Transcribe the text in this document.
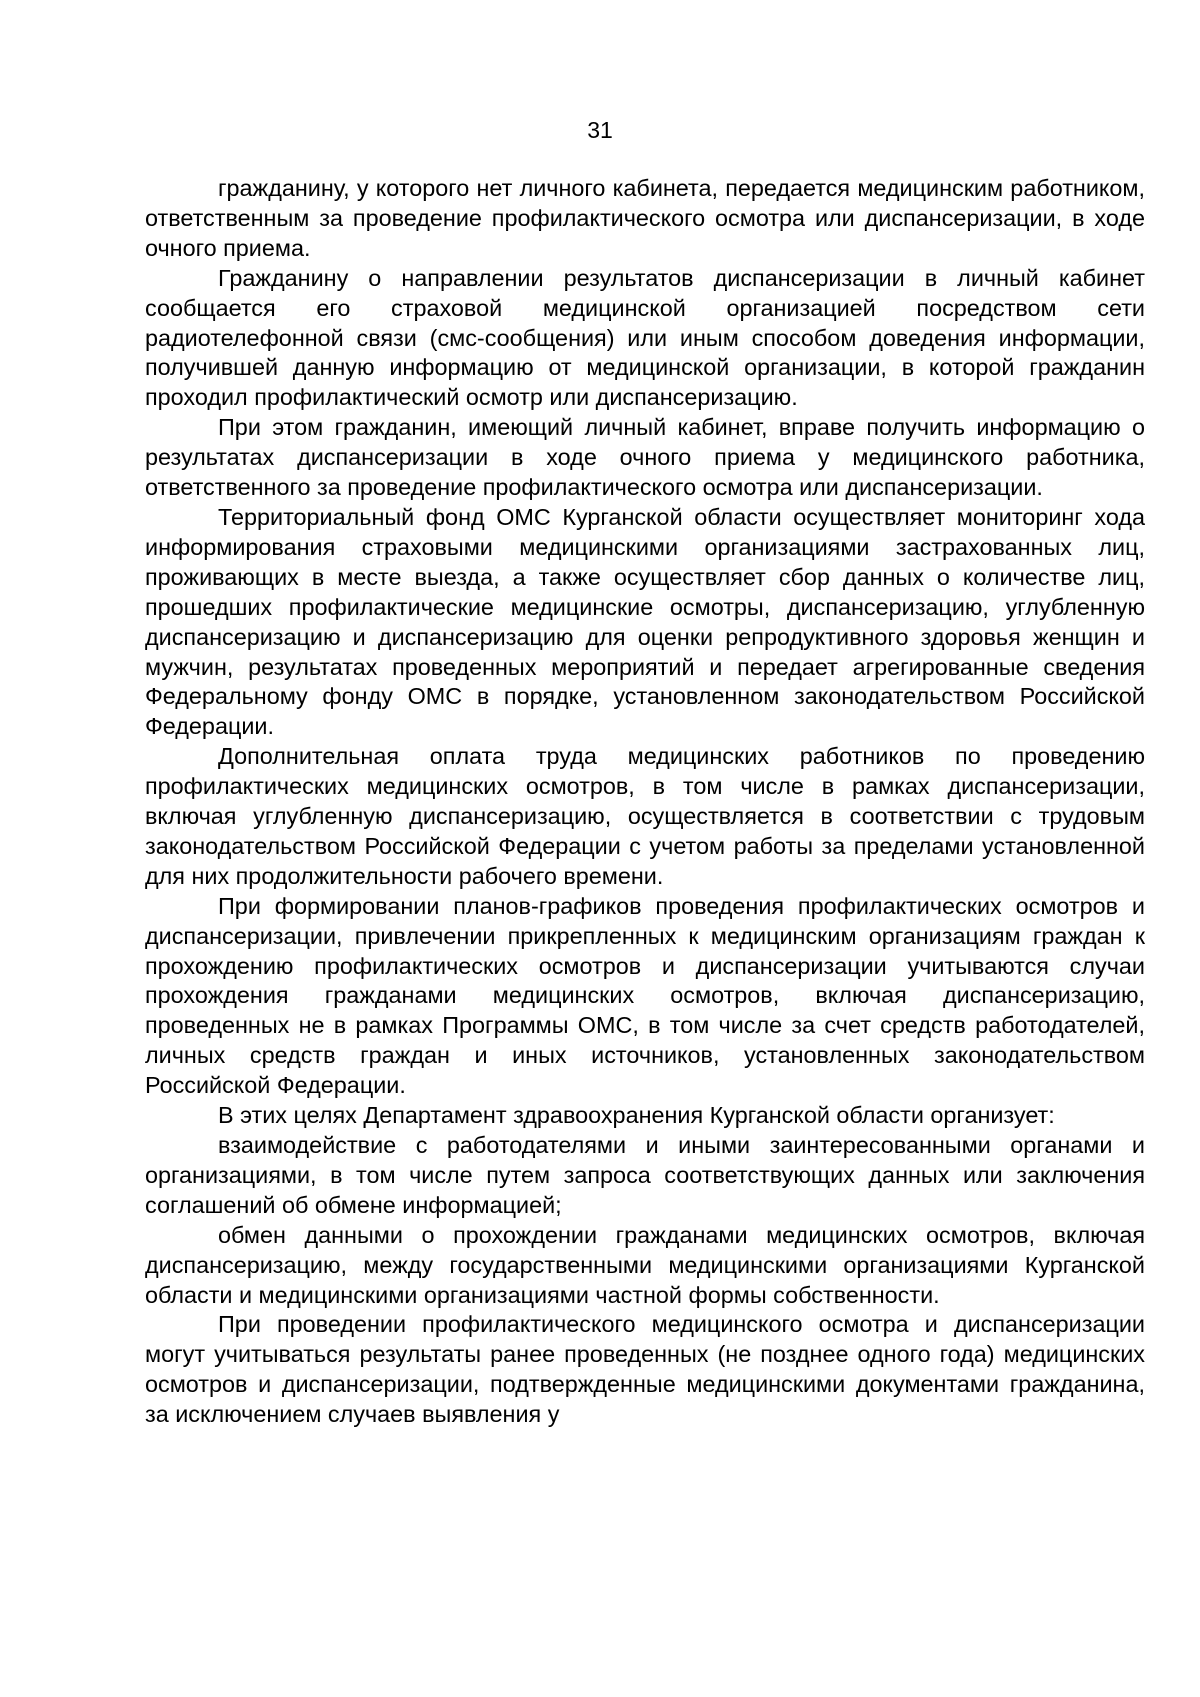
31

гражданину, у которого нет личного кабинета, передается медицинским работником, ответственным за проведение профилактического осмотра или диспансеризации, в ходе очного приема.

Гражданину о направлении результатов диспансеризации в личный кабинет сообщается его страховой медицинской организацией посредством сети радиотелефонной связи (смс-сообщения) или иным способом доведения информации, получившей данную информацию от медицинской организации, в которой гражданин проходил профилактический осмотр или диспансеризацию.

При этом гражданин, имеющий личный кабинет, вправе получить информацию о результатах диспансеризации в ходе очного приема у медицинского работника, ответственного за проведение профилактического осмотра или диспансеризации.

Территориальный фонд ОМС Курганской области осуществляет мониторинг хода информирования страховыми медицинскими организациями застрахованных лиц, проживающих в месте выезда, а также осуществляет сбор данных о количестве лиц, прошедших профилактические медицинские осмотры, диспансеризацию, углубленную диспансеризацию и диспансеризацию для оценки репродуктивного здоровья женщин и мужчин, результатах проведенных мероприятий и передает агрегированные сведения Федеральному фонду ОМС в порядке, установленном законодательством Российской Федерации.

Дополнительная оплата труда медицинских работников по проведению профилактических медицинских осмотров, в том числе в рамках диспансеризации, включая углубленную диспансеризацию, осуществляется в соответствии с трудовым законодательством Российской Федерации с учетом работы за пределами установленной для них продолжительности рабочего времени.

При формировании планов-графиков проведения профилактических осмотров и диспансеризации, привлечении прикрепленных к медицинским организациям граждан к прохождению профилактических осмотров и диспансеризации учитываются случаи прохождения гражданами медицинских осмотров, включая диспансеризацию, проведенных не в рамках Программы ОМС, в том числе за счет средств работодателей, личных средств граждан и иных источников, установленных законодательством Российской Федерации.

В этих целях Департамент здравоохранения Курганской области организует:

взаимодействие с работодателями и иными заинтересованными органами и организациями, в том числе путем запроса соответствующих данных или заключения соглашений об обмене информацией;

обмен данными о прохождении гражданами медицинских осмотров, включая диспансеризацию, между государственными медицинскими организациями Курганской области и медицинскими организациями частной формы собственности.

При проведении профилактического медицинского осмотра и диспансеризации могут учитываться результаты ранее проведенных (не позднее одного года) медицинских осмотров и диспансеризации, подтвержденные медицинскими документами гражданина, за исключением случаев выявления у
